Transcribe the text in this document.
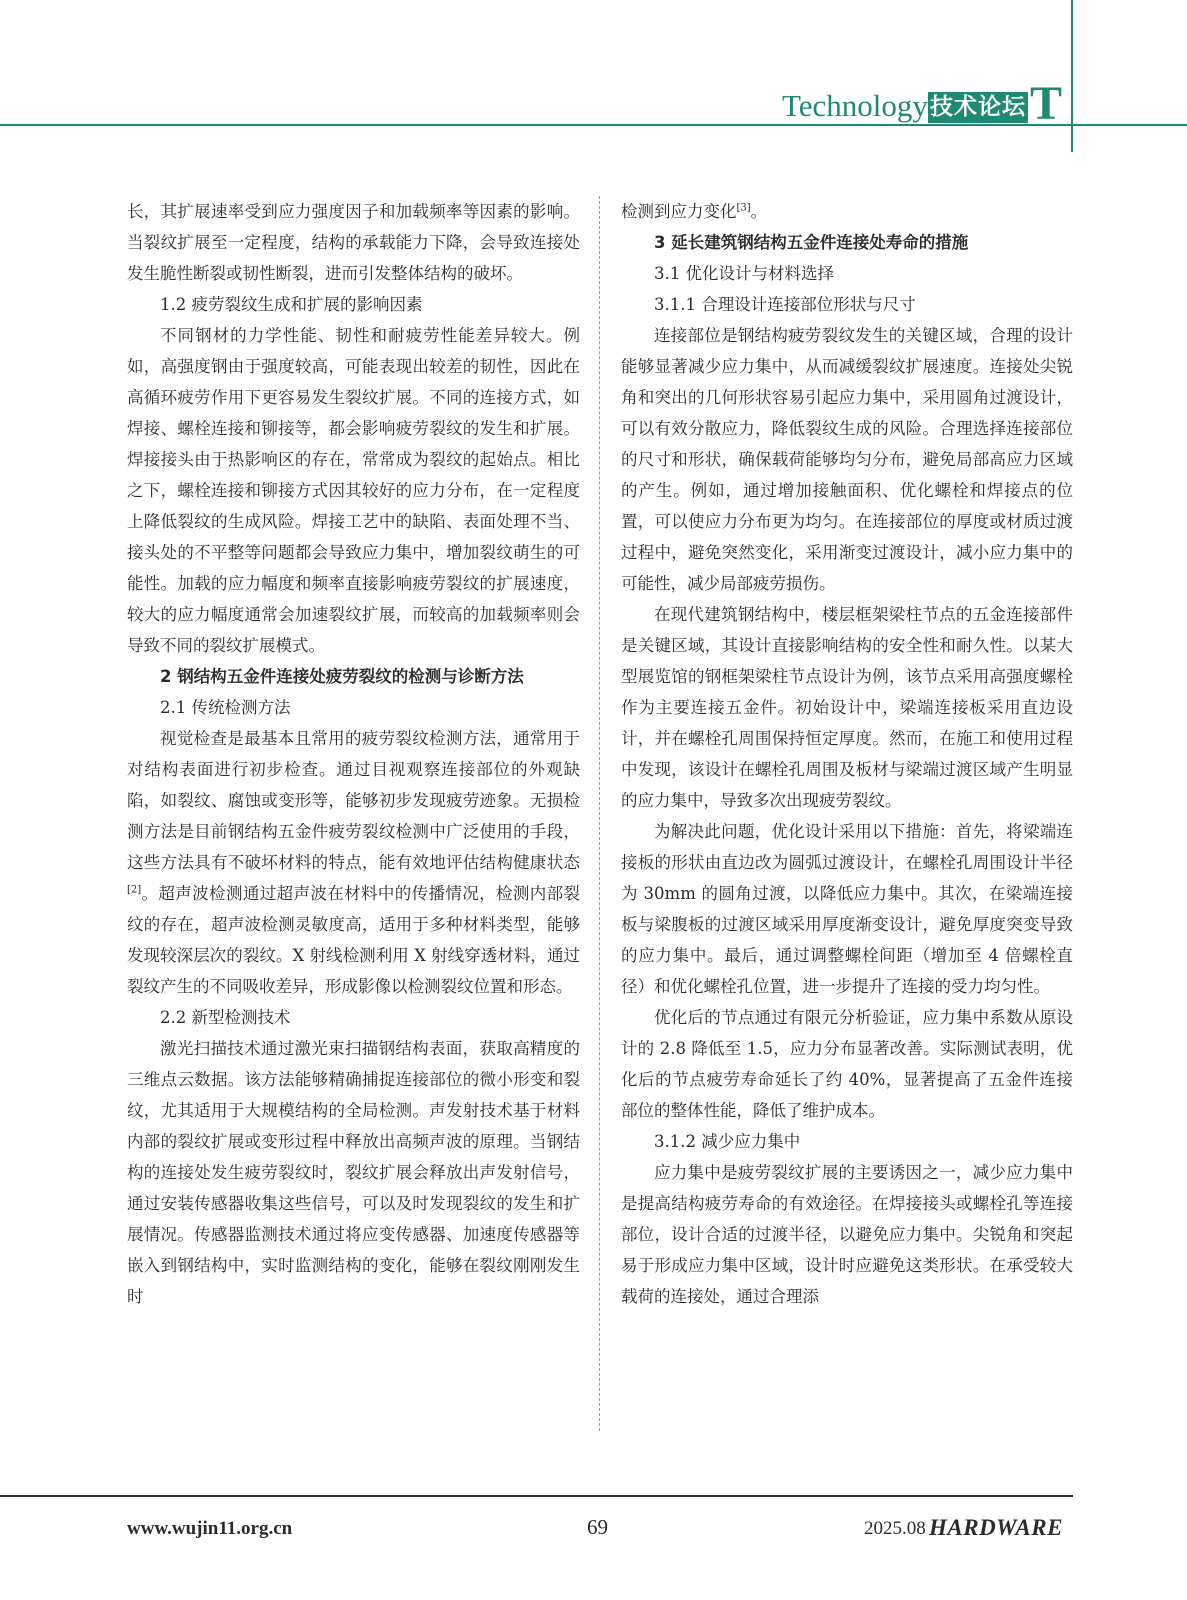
Technology 技术论坛 T

长，其扩展速率受到应力强度因子和加载频率等因素的影响。当裂纹扩展至一定程度，结构的承载能力下降，会导致连接处发生脆性断裂或韧性断裂，进而引发整体结构的破坏。

1.2 疲劳裂纹生成和扩展的影响因素

不同钢材的力学性能、韧性和耐疲劳性能差异较大。例如，高强度钢由于强度较高，可能表现出较差的韧性，因此在高循环疲劳作用下更容易发生裂纹扩展。不同的连接方式，如焊接、螺栓连接和铆接等，都会影响疲劳裂纹的发生和扩展。焊接接头由于热影响区的存在，常常成为裂纹的起始点。相比之下，螺栓连接和铆接方式因其较好的应力分布，在一定程度上降低裂纹的生成风险。焊接工艺中的缺陷、表面处理不当、接头处的不平整等问题都会导致应力集中，增加裂纹萌生的可能性。加载的应力幅度和频率直接影响疲劳裂纹的扩展速度，较大的应力幅度通常会加速裂纹扩展，而较高的加载频率则会导致不同的裂纹扩展模式。

2 钢结构五金件连接处疲劳裂纹的检测与诊断方法

2.1 传统检测方法

视觉检查是最基本且常用的疲劳裂纹检测方法，通常用于对结构表面进行初步检查。通过目视观察连接部位的外观缺陷，如裂纹、腐蚀或变形等，能够初步发现疲劳迹象。无损检测方法是目前钢结构五金件疲劳裂纹检测中广泛使用的手段，这些方法具有不破坏材料的特点，能有效地评估结构健康状态[2]。超声波检测通过超声波在材料中的传播情况，检测内部裂纹的存在，超声波检测灵敏度高，适用于多种材料类型，能够发现较深层次的裂纹。X 射线检测利用 X 射线穿透材料，通过裂纹产生的不同吸收差异，形成影像以检测裂纹位置和形态。

2.2 新型检测技术

激光扫描技术通过激光束扫描钢结构表面，获取高精度的三维点云数据。该方法能够精确捕捉连接部位的微小形变和裂纹，尤其适用于大规模结构的全局检测。声发射技术基于材料内部的裂纹扩展或变形过程中释放出高频声波的原理。当钢结构的连接处发生疲劳裂纹时，裂纹扩展会释放出声发射信号，通过安装传感器收集这些信号，可以及时发现裂纹的发生和扩展情况。传感器监测技术通过将应变传感器、加速度传感器等嵌入到钢结构中，实时监测结构的变化，能够在裂纹刚刚发生时

检测到应力变化[3]。

3 延长建筑钢结构五金件连接处寿命的措施

3.1 优化设计与材料选择

3.1.1 合理设计连接部位形状与尺寸

连接部位是钢结构疲劳裂纹发生的关键区域，合理的设计能够显著减少应力集中，从而减缓裂纹扩展速度。连接处尖锐角和突出的几何形状容易引起应力集中，采用圆角过渡设计，可以有效分散应力，降低裂纹生成的风险。合理选择连接部位的尺寸和形状，确保载荷能够均匀分布，避免局部高应力区域的产生。例如，通过增加接触面积、优化螺栓和焊接点的位置，可以使应力分布更为均匀。在连接部位的厚度或材质过渡过程中，避免突然变化，采用渐变过渡设计，减小应力集中的可能性，减少局部疲劳损伤。

在现代建筑钢结构中，楼层框架梁柱节点的五金连接部件是关键区域，其设计直接影响结构的安全性和耐久性。以某大型展览馆的钢框架梁柱节点设计为例，该节点采用高强度螺栓作为主要连接五金件。初始设计中，梁端连接板采用直边设计，并在螺栓孔周围保持恒定厚度。然而，在施工和使用过程中发现，该设计在螺栓孔周围及板材与梁端过渡区域产生明显的应力集中，导致多次出现疲劳裂纹。

为解决此问题，优化设计采用以下措施：首先，将梁端连接板的形状由直边改为圆弧过渡设计，在螺栓孔周围设计半径为 30mm 的圆角过渡，以降低应力集中。其次，在梁端连接板与梁腹板的过渡区域采用厚度渐变设计，避免厚度突变导致的应力集中。最后，通过调整螺栓间距（增加至 4 倍螺栓直径）和优化螺栓孔位置，进一步提升了连接的受力均匀性。

优化后的节点通过有限元分析验证，应力集中系数从原设计的 2.8 降低至 1.5，应力分布显著改善。实际测试表明，优化后的节点疲劳寿命延长了约 40%，显著提高了五金件连接部位的整体性能，降低了维护成本。

3.1.2 减少应力集中

应力集中是疲劳裂纹扩展的主要诱因之一，减少应力集中是提高结构疲劳寿命的有效途径。在焊接接头或螺栓孔等连接部位，设计合适的过渡半径，以避免应力集中。尖锐角和突起易于形成应力集中区域，设计时应避免这类形状。在承受较大载荷的连接处，通过合理添

www.wujin11.org.cn	69	2025.08 HARDWARE
